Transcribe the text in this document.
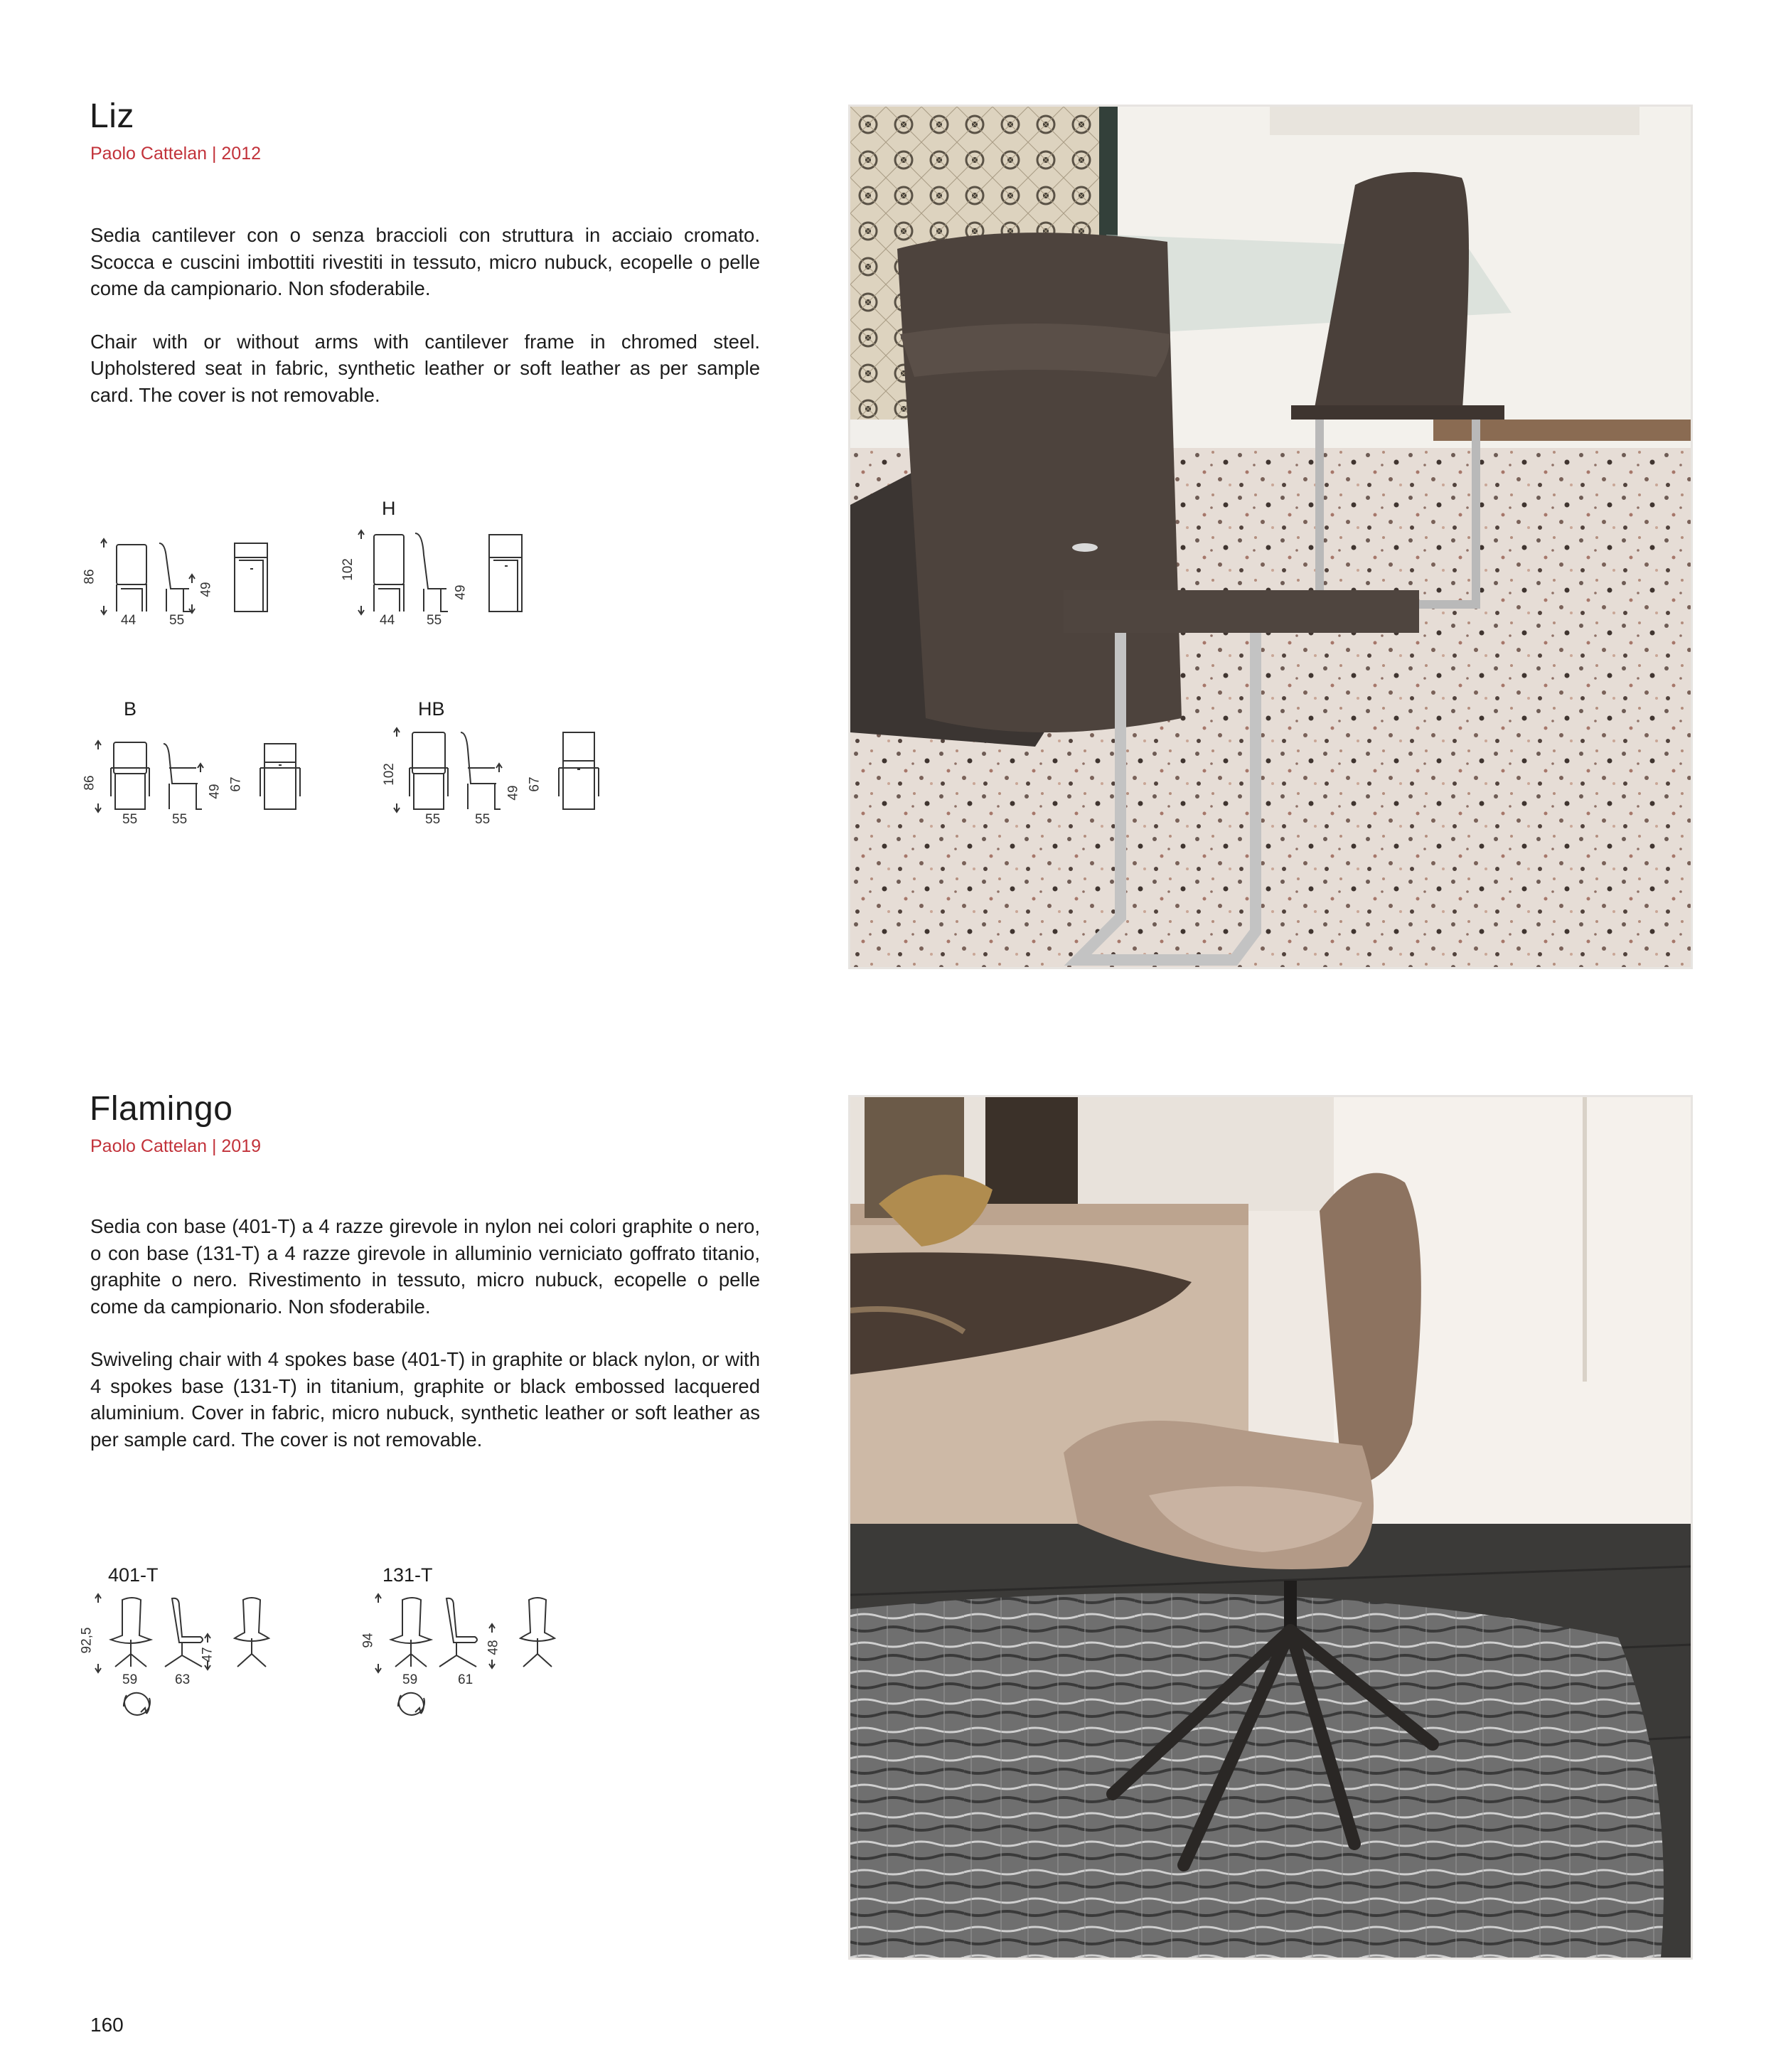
Liz
Paolo Cattelan | 2012

Sedia cantilever con o senza braccioli con struttura in acciaio cromato. Scocca e cuscini imbottiti rivestiti in tessuto, micro nubuck, ecopelle o pelle come da campionario. Non sfoderabile.

Chair with or without arms with cantilever frame in chromed steel. Upholstered seat in fabric, synthetic leather or soft leather as per sample card. The cover is not removable.

86
44 55
49
H
102
44 55
49
B
86
49 67
55	55
HB
102
49
67
55	55
Flamingo
Paolo Cattelan | 2019

Sedia con base (401-T) a 4 razze girevole in nylon nei colori graphite o nero, o con base (131-T) a 4 razze girevole in alluminio verniciato goffrato titanio, graphite o nero. Rivestimento in tessuto, micro nubuck, ecopelle o pelle come da campionario. Non sfoderabile.

Swiveling chair with 4 spokes base (401-T) in graphite or black nylon, or with 4 spokes base (131-T) in titanium, graphite or black embossed lacquered aluminium. Cover in fabric, micro nubuck, synthetic leather or soft leather as per sample card. The cover is not removable.

401-T
92,5
47
59	63
131-T
94	48
59	61
160
